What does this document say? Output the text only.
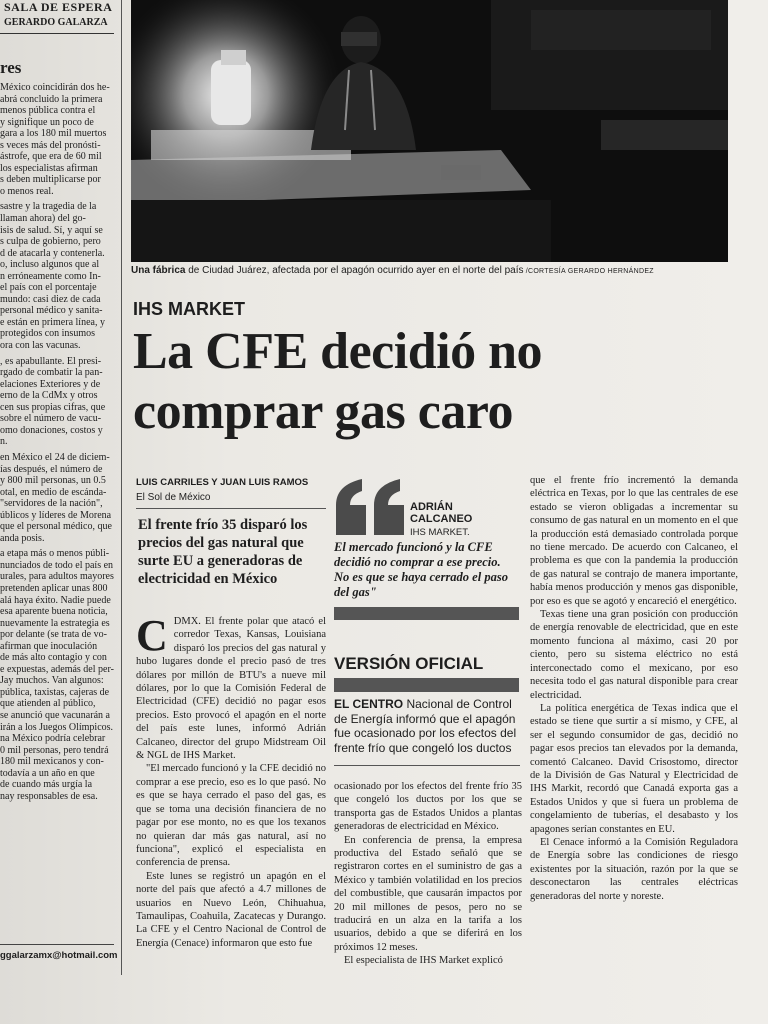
SALA DE ESPERA
GERARDO GALARZA
res

México coincidirán dos he-
abrá concluido la primera
menos pública contra el
y signifique un poco de
gara a los 180 mil muertos
s veces más del pronósti-
ástrofe, que era de 60 mil
los especialistas afirman
s deben multiplicarse por
o menos real.

sastre y la tragedia de la
llaman ahora) del go-
isis de salud. Sí, y aquí se
s culpa de gobierno, pero
d de atacarla y contenerla.
o, incluso algunos que al
n erróneamente como In-
el país con el porcentaje
mundo: casi diez de cada
personal médico y sanita-
e están en primera línea, y
protegidos con insumos
ora con las vacunas.

, es apabullante. El presi-
rgado de combatir la pan-
elaciones Exteriores y de
erno de la CdMx y otros
cen sus propias cifras, que
sobre el número de vacu-
omo donaciones, costos y
n.

en México el 24 de diciem-
ías después, el número de
y 800 mil personas, un 0.5
otal, en medio de escánda-
"servidores de la nación",
úblicos y líderes de Morena
que el personal médico, que
anda posis.

a etapa más o menos públi-
nunciados de todo el país en
urales, para adultos mayores
pretenden aplicar unas 800
alá haya éxito. Nadie puede
esa aparente buena noticia,
nuevamente la estrategia es
por delante (se trata de vo-
afirman que inoculación
de más alto contagio y con
e expuestas, además del per-
Jay muchos. Van algunos:
pública, taxistas, cajeras de
que atienden al público,
se anunció que vacunarán a
irán a los Juegos Olímpicos.
na México podría celebrar
0 mil personas, pero tendrá
180 mil mexicanos y con-
todavía a un año en que
de cuando más urgía la
nay responsables de esa.

ggalarzamx@hotmail.com
Una fábrica de Ciudad Juárez, afectada por el apagón ocurrido ayer en el norte del país /CORTESÍA GERARDO HERNÁNDEZ
IHS MARKET
La CFE decidió no
comprar gas caro
LUIS CARRILES Y JUAN LUIS RAMOS
El Sol de México

El frente frío 35 disparó los precios del gas natural que surte EU a generadoras de electricidad en México

CDMX. El frente polar que atacó el corredor Texas, Kansas, Louisiana disparó los precios del gas natural y hubo lugares donde el precio pasó de tres dólares por millón de BTU's a nueve mil dólares, por lo que la Comisión Federal de Electricidad (CFE) decidió no pagar esos precios. Esto provocó el apagón en el norte del país este lunes, informó Adrián Calcaneo, director del grupo Midstream Oil & NGL de IHS Market.

"El mercado funcionó y la CFE decidió no comprar a ese precio, eso es lo que pasó. No es que se haya cerrado el paso del gas, es que se toma una decisión financiera de no pagar por ese monto, no es que los texanos no quieran dar más gas natural, así no funciona", explicó el especialista en conferencia de prensa.

Este lunes se registró un apagón en el norte del país que afectó a 4.7 millones de usuarios en Nuevo León, Chihuahua, Tamaulipas, Coahuila, Zacatecas y Durango. La CFE y el Centro Nacional de Control de Energía (Cenace) informaron que esto fue

ADRIÁN
CALCANEO
IHS MARKET.

El mercado funcionó y la CFE decidió no comprar a ese precio. No es que se haya cerrado el paso del gas"

VERSIÓN OFICIAL

EL CENTRO Nacional de Control de Energía informó que el apagón fue ocasionado por los efectos del frente frío que congeló los ductos

ocasionado por los efectos del frente frío 35 que congeló los ductos por los que se transporta gas de Estados Unidos a plantas generadoras de electricidad en México.

En conferencia de prensa, la empresa productiva del Estado señaló que se registraron cortes en el suministro de gas a México y también volatilidad en los precios del combustible, que causarán impactos por 20 mil millones de pesos, pero no se traducirá en un alza en la tarifa a los usuarios, debido a que se diferirá en los próximos 12 meses.

El especialista de IHS Market explicó

que el frente frío incrementó la demanda eléctrica en Texas, por lo que las centrales de ese estado se vieron obligadas a incrementar su consumo de gas natural en un momento en el que la producción está demasiado controlada porque no tiene mercado. De acuerdo con Calcaneo, el problema es que con la pandemia la producción de gas natural se contrajo de manera importante, había menos producción y menos gas disponible, por eso es que se agotó y encareció el energético.

Texas tiene una gran posición con producción de energía renovable de electricidad, que en este momento funciona al máximo, casi 20 por ciento, pero su sistema eléctrico no está interconectado como el mexicano, por eso necesita todo el gas natural disponible para crear electricidad.

La política energética de Texas indica que el estado se tiene que surtir a sí mismo, y CFE, al ser el segundo consumidor de gas, decidió no pagar esos precios tan elevados por la demanda, comentó Calcaneo. David Crisostomo, director de la División de Gas Natural y Electricidad de IHS Markit, recordó que Canadá exporta gas a Estados Unidos y que si fuera un problema de congelamiento de tuberías, el desabasto y los apagones serían constantes en EU.

El Cenace informó a la Comisión Reguladora de Energía sobre las condiciones de riesgo existentes por la situación, razón por la que se desconectaron las centrales eléctricas generadoras del norte y noreste.
